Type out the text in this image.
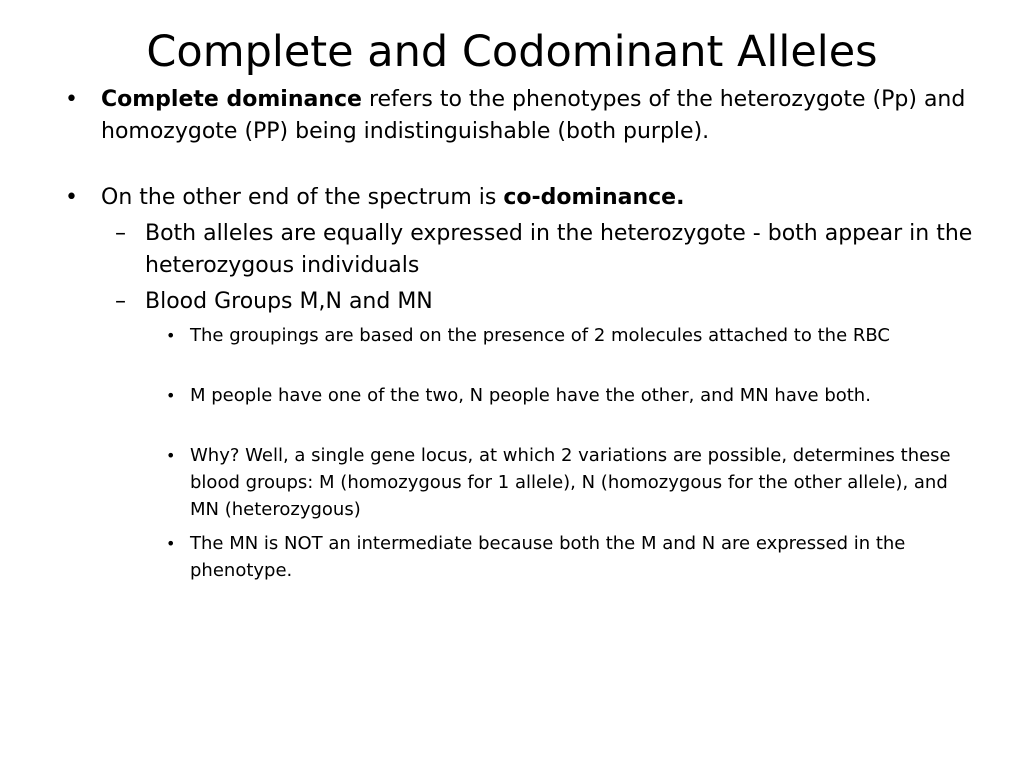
Complete and Codominant Alleles
• Complete dominance refers to the phenotypes of the heterozygote (Pp) and homozygote (PP) being indistinguishable (both purple).
• On the other end of the spectrum is co-dominance.
– Both alleles are equally expressed in the heterozygote - both appear in the heterozygous individuals
– Blood Groups M,N and MN
• The groupings are based on the presence of 2 molecules attached to the RBC
• M people have one of the two, N people have the other, and MN have both.
• Why? Well, a single gene locus, at which 2 variations are possible, determines these blood groups: M (homozygous for 1 allele), N (homozygous for the other allele), and MN (heterozygous)
• The MN is NOT an intermediate because both the M and N are expressed in the phenotype.
